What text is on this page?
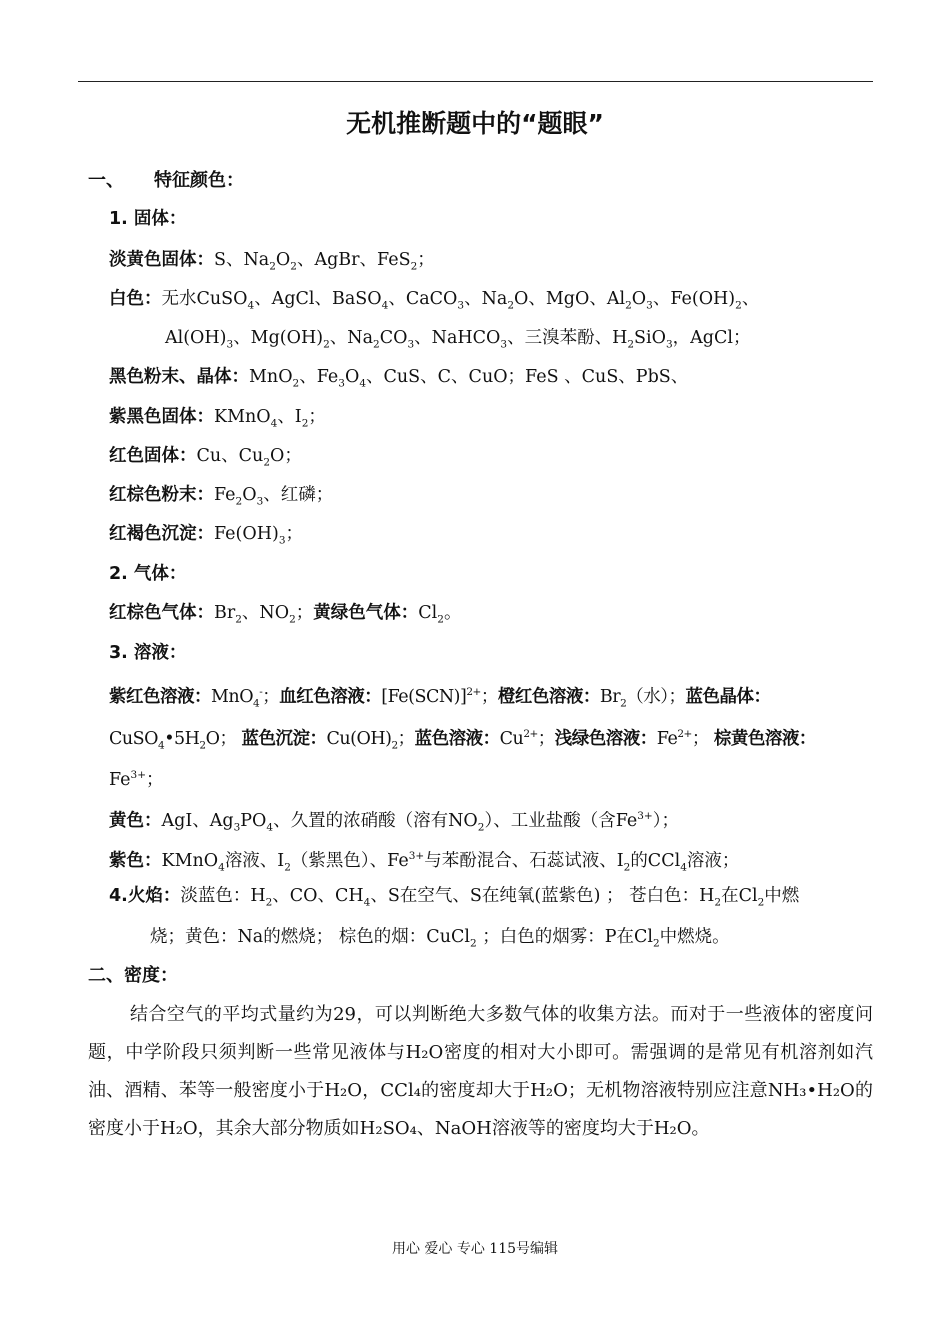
无机推断题中的“题眼”
一、 特征颜色：
1. 固体：
淡黄色固体：S、$Na_2O_2$、AgBr、FeS$_2$；
白色：无水CuSO$_4$、AgCl、BaSO$_4$、CaCO$_3$、$Na_2O$、MgO、$Al_2O_3$、$Fe(OH)_2$、
$Al(OH)_3$、$Mg(OH)_2$、$Na_2CO_3$、NaHCO$_3$、三溴苯酚、$H_2SiO_3$，AgCl；
黑色粉末、晶体：MnO$_2$、$Fe_3O_4$、CuS、C、CuO；FeS 、CuS、PbS、
紫黑色固体：KMnO$_4$、$I_2$；
红色固体：Cu、$Cu_2O$；
红棕色粉末：$Fe_2O_3$、红磷；
红褐色沉淀：$Fe(OH)_3$；
2. 气体：
红棕色气体：$Br_2$、$NO_2$；黄绿色气体：$Cl_2$。
3. 溶液：
紫红色溶液：MnO$_4$-；血红色溶液：$[Fe(SCN)]^{2+}$；橙红色溶液：$Br_2$（水）；蓝色晶体：
$CuSO_4•5H_2O$； 蓝色沉淀：$Cu(OH)_2$；蓝色溶液：$Cu^{2+}$；浅绿色溶液：$Fe^{2+}$； 棕黄色溶液：
$Fe^{3+}$；
黄色：AgI、$Ag_3PO_4$、久置的浓硝酸（溶有$NO_2$）、工业盐酸（含$Fe^{3+}$）；
紫色：KMnO$_4$溶液、$I_2$（紫黑色）、$Fe^{3+}$与苯酚混合、石蕊试液、$I_2$的CCl$_4$溶液；
4.火焰：淡蓝色：$H_2$、CO、$CH_4$、S在空气、S在纯氧(蓝紫色) ； 苍白色：$H_2$在$Cl_2$中燃
烧；黄色：Na的燃烧； 棕色的烟：CuCl$_2$ ；白色的烟雾：P在$Cl_2$中燃烧。
二、密度：
结合空气的平均式量约为29，可以判断绝大多数气体的收集方法。而对于一些液体的密度问题，中学阶段只须判断一些常见液体与H₂O密度的相对大小即可。需强调的是常见有机溶剂如汽油、酒精、苯等一般密度小于H₂O，CCl₄的密度却大于H₂O；无机物溶液特别应注意NH₃•H₂O的密度小于H₂O，其余大部分物质如H₂SO₄、NaOH溶液等的密度均大于H₂O。
用心 爱心 专心 115号编辑
